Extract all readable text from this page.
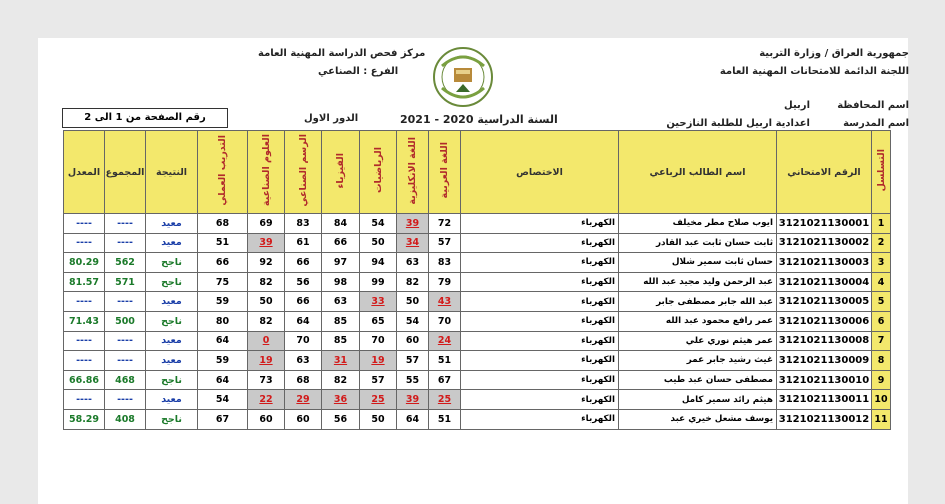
جمهورية العراق / وزارة التربية
اللجنة الدائمة للامتحانات المهنية العامة
اسم المحافظة
اربيل
اسم المدرسة
اعدادية اربيل للطلبة النازحين
مركز فحص الدراسة المهنية العامة
الفرع : الصناعي
السنة الدراسية 2020 - 2021
الدور الاول
رقم الصفحة من 1 الى 2
المعدل	المجموع	النتيجة	التدريب العملي	العلوم الصناعية	الرسم الصناعي	الفيزياء	الرياضيات	اللغة الانكليزية	اللغة العربية	الاختصاص	اسم الطالب الرباعي	الرقم الامتحاني	التسلسل
----	----	معيد	68	69	83	84	54	39	72	الكهرباء	ايوب صلاح مطر مخيلف	3121021130001	1
----	----	معيد	51	39	61	66	50	34	57	الكهرباء	ثابت حسان ثابت عبد القادر	3121021130002	2
80.29	562	ناجح	66	92	66	97	94	63	83	الكهرباء	حسان ثابت سمير شلال	3121021130003	3
81.57	571	ناجح	75	82	56	98	99	82	79	الكهرباء	عبد الرحمن وليد مجيد عبد الله	3121021130004	4
----	----	معيد	59	50	66	63	33	50	43	الكهرباء	عبد الله جابر مصطفى جابر	3121021130005	5
71.43	500	ناجح	80	82	64	85	65	54	70	الكهرباء	عمر رافع محمود عبد الله	3121021130006	6
----	----	معيد	64	0	70	85	70	60	24	الكهرباء	عمر هيثم نوري علي	3121021130008	7
----	----	معيد	59	19	63	31	19	57	51	الكهرباء	غيث رشيد جابر عمر	3121021130009	8
66.86	468	ناجح	64	73	68	82	57	55	67	الكهرباء	مصطفى حسان عبد طيب	3121021130010	9
----	----	معيد	54	22	29	36	25	39	25	الكهرباء	هيثم رائد سمير كامل	3121021130011	10
58.29	408	ناجح	67	60	60	56	50	64	51	الكهرباء	يوسف مشعل خيري عبد	3121021130012	11
